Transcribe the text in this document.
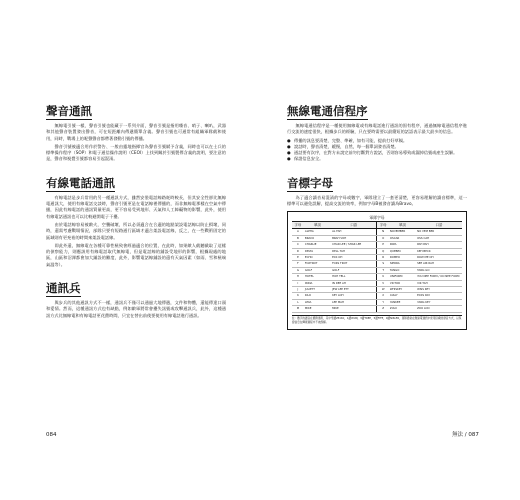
聲音通訊

無線電引號一樣，聲音引號也能藏于一系列介面，聲音引號是指用嗓音、哨子、喇叭，武器和其他聲音裝置發出聲音，可在短距離內傳遞簡單含義。聲音引號也可通常有組織軍隊截和使用，同時，戰場上的呢聲聲音都帶著發動引號的傳播。

聲音引號被適合用作於警告、一般由靈地指揮官為聲音引號賦予含義，同時也可以在士兵的標準操作程序（SOP）和電子通信操作說明（CEOI）上找到關於引號製傳含義的說明，要注意的是，聲音和視覺引號都容易引起混淆。

有線電話通訊

有線電話是步兵常用的另一種通訊方式，雖然安裝電話線路耗時較長，但其安全性卻比無線電通訊大，使用有線電話交談時，聲音引號更是在電話線裡傳播的，而非無線電那樣在空氣中傳播，因此有線電話的通訊質量更高，更不容易受到地形、天氣和人工障礙物的影響，此外，使用有線電話通訊也可以比較避開電子干擾。

由於電話線容易被敵火，空襲破壞，所以必須適合在合適的地點架設電話線以防止損壞，同時，還需考慮戰場情況，部隊只要有短路通行區域才適合架設電話線，反之，在一些戰術固定的區域則有更充裕的時間來架設電話線。

即此外還，無線電在各種可靠性極致會經過適合的位置，在此時，如果敵人截聽截取了這樣的偵察能力，則應該用有線電話取代無線電，但是電話線的鋪設受地形的影響，根據現處的地區，山區和沼澤都會加大鋪設的難度，此外，影響電話線鋪設的還有天氣因素（如雨、雪和極端氣溫等）。

通訊兵

與步兵的其他通訊方式不一樣，通訊兵不僅可以通過大地傳遞，文件和物體，還能傳達口頭和愛情。然而，這種通訊方式也有缺點，例如敵軍將常會擾失訊號或攻擊通訊兵，此外，這種通訊方式比無線電和有線電話更花費時間，只宜在替出前使要使用有線電話進行通訊。

084
無線電通信程序

無線電通信程序是一種使用無線電或有線電話進行通訊的固有程序，通過無線電通信程序進行交流的速度很快，根據步兵的經驗，只在要時需要以最簡短的話語表示最大最多的信息。

● 傳播的訊息要清楚、完整、準確，如有可能，提前打好草稿。
● 說話時，聲音清楚，緩慢，自然，每一個單詞發音清楚。
● 通話要有次序，在對方未說完前勿打斷對方說話，否則容易導致或漏掉信號或產生誤解。
● 保證信息安全。
音標字母

為了適合讀音易混淆的字母或數字，軍隊建立了一套更清楚，更容易理解的讀音標準，這一標準可以避免誤解，提高交流的效率，例如字母B被發音讀為Bravo。

軍隊字母
字母	單詞	口語	字母	單詞	口語
A	ALPHA	AL FAH	N	NOVEMBER	NO VEM BER
B	BRAVO	BRAH VOH	O	OSCAR	OSS CAH
C	CHARLIE	CHAR LEE / SHAR LEE	P	PAPA	PAH PAH
D	DELTA	DELL TAH	Q	QUEBEC	KEH BECK
E	ECHO	ECK OH	R	ROMEO	ROW ME OH
F	FOXTROT	FOKS TROT	S	SIERRA	SEE AIR RAH
G	GOLF	GOLF	T	TANGO	TANG GO
H	HOTEL	HOH TELL	U	UNIFORM	YOU NEE FORM / OO NEE FORM
I	INDIA	IN DEE AH	V	VICTOR	VIK TAH
J	JULIETT	JEW LEE ETT	W	WHISKEY	WISS KEY
K	KILO	KEY LOH	X	X-RAY	ECKS RAY
L	LIMA	LEE MAH	Y	YANKEE	YANG KEY
M	MIKE	MIKE	Z	ZULU	ZOO LOO
註：數字的讀音在國際通用，其中零讀ZE-RO，1讀WUN，3讀TREE，5讀FIFE，9讀NIN-ER，軍隊通常在無線電通訊中使用這樣的發音方式，以保證信息在傳遞過程中不被誤解。
無法 / 087
